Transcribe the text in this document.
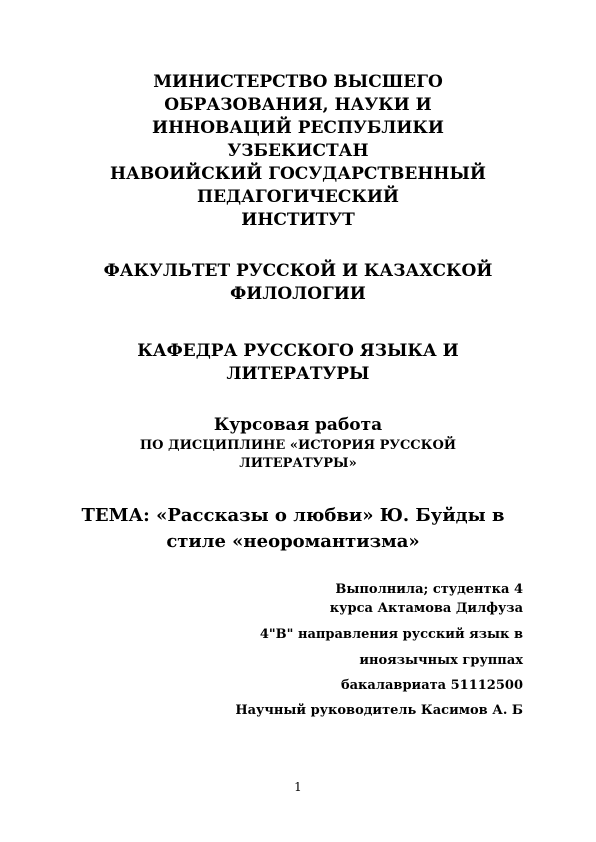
МИНИСТЕРСТВО ВЫСШЕГО
ОБРАЗОВАНИЯ, НАУКИ И
ИННОВАЦИЙ РЕСПУБЛИКИ
УЗБЕКИСТАН
НАВОИЙСКИЙ ГОСУДАРСТВЕННЫЙ
ПЕДАГОГИЧЕСКИЙ
ИНСТИТУТ
ФАКУЛЬТЕТ РУССКОЙ И КАЗАХСКОЙ
ФИЛОЛОГИИ
КАФЕДРА РУССКОГО ЯЗЫКА И
ЛИТЕРАТУРЫ
Курсовая работа
ПО ДИСЦИПЛИНЕ «ИСТОРИЯ РУССКОЙ
ЛИТЕРАТУРЫ»
ТЕМА: «Рассказы о любви» Ю. Буйды в
стиле «неоромантизма»
Выполнила; студентка 4
курса Актамова Дилфуза
4"B" направления русский язык в
иноязычных группах
бакалавриата 51112500
Научный руководитель Касимов А. Б
1
